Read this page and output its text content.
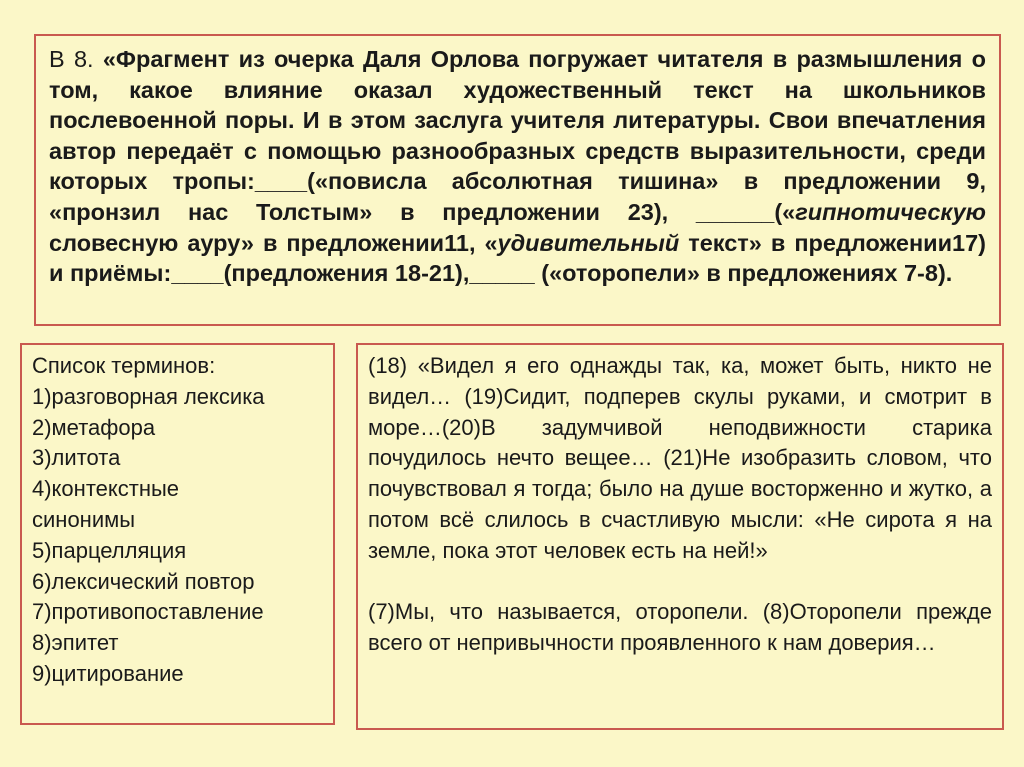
В 8. «Фрагмент из очерка Даля Орлова погружает читателя в размышления о том, какое влияние оказал художественный текст на школьников послевоенной поры. И в этом заслуга учителя литературы. Свои впечатления автор передаёт с помощью разнообразных средств выразительности, среди которых тропы:____(«повисла абсолютная тишина» в предложении 9, «пронзил нас Толстым» в предложении 23), ______(«гипнотическую словесную ауру» в предложении11, «удивительный текст» в предложении17) и приёмы:____(предложения 18-21),_____ («оторопели» в предложениях 7-8).

Список терминов:
1)разговорная лексика
2)метафора
3)литота
4)контекстные
синонимы
5)парцелляция
6)лексический повтор
7)противопоставление
8)эпитет
9)цитирование

(18) «Видел я его однажды так, ка, может быть, никто не видел… (19)Сидит, подперев скулы руками, и смотрит в море…(20)В задумчивой неподвижности старика почудилось нечто вещее… (21)Не изобразить словом, что почувствовал я тогда; было на душе восторженно и жутко, а потом всё слилось в счастливую мысли: «Не сирота я на земле, пока этот человек есть на ней!»

(7)Мы, что называется, оторопели. (8)Оторопели прежде всего от непривычности проявленного к нам доверия…
